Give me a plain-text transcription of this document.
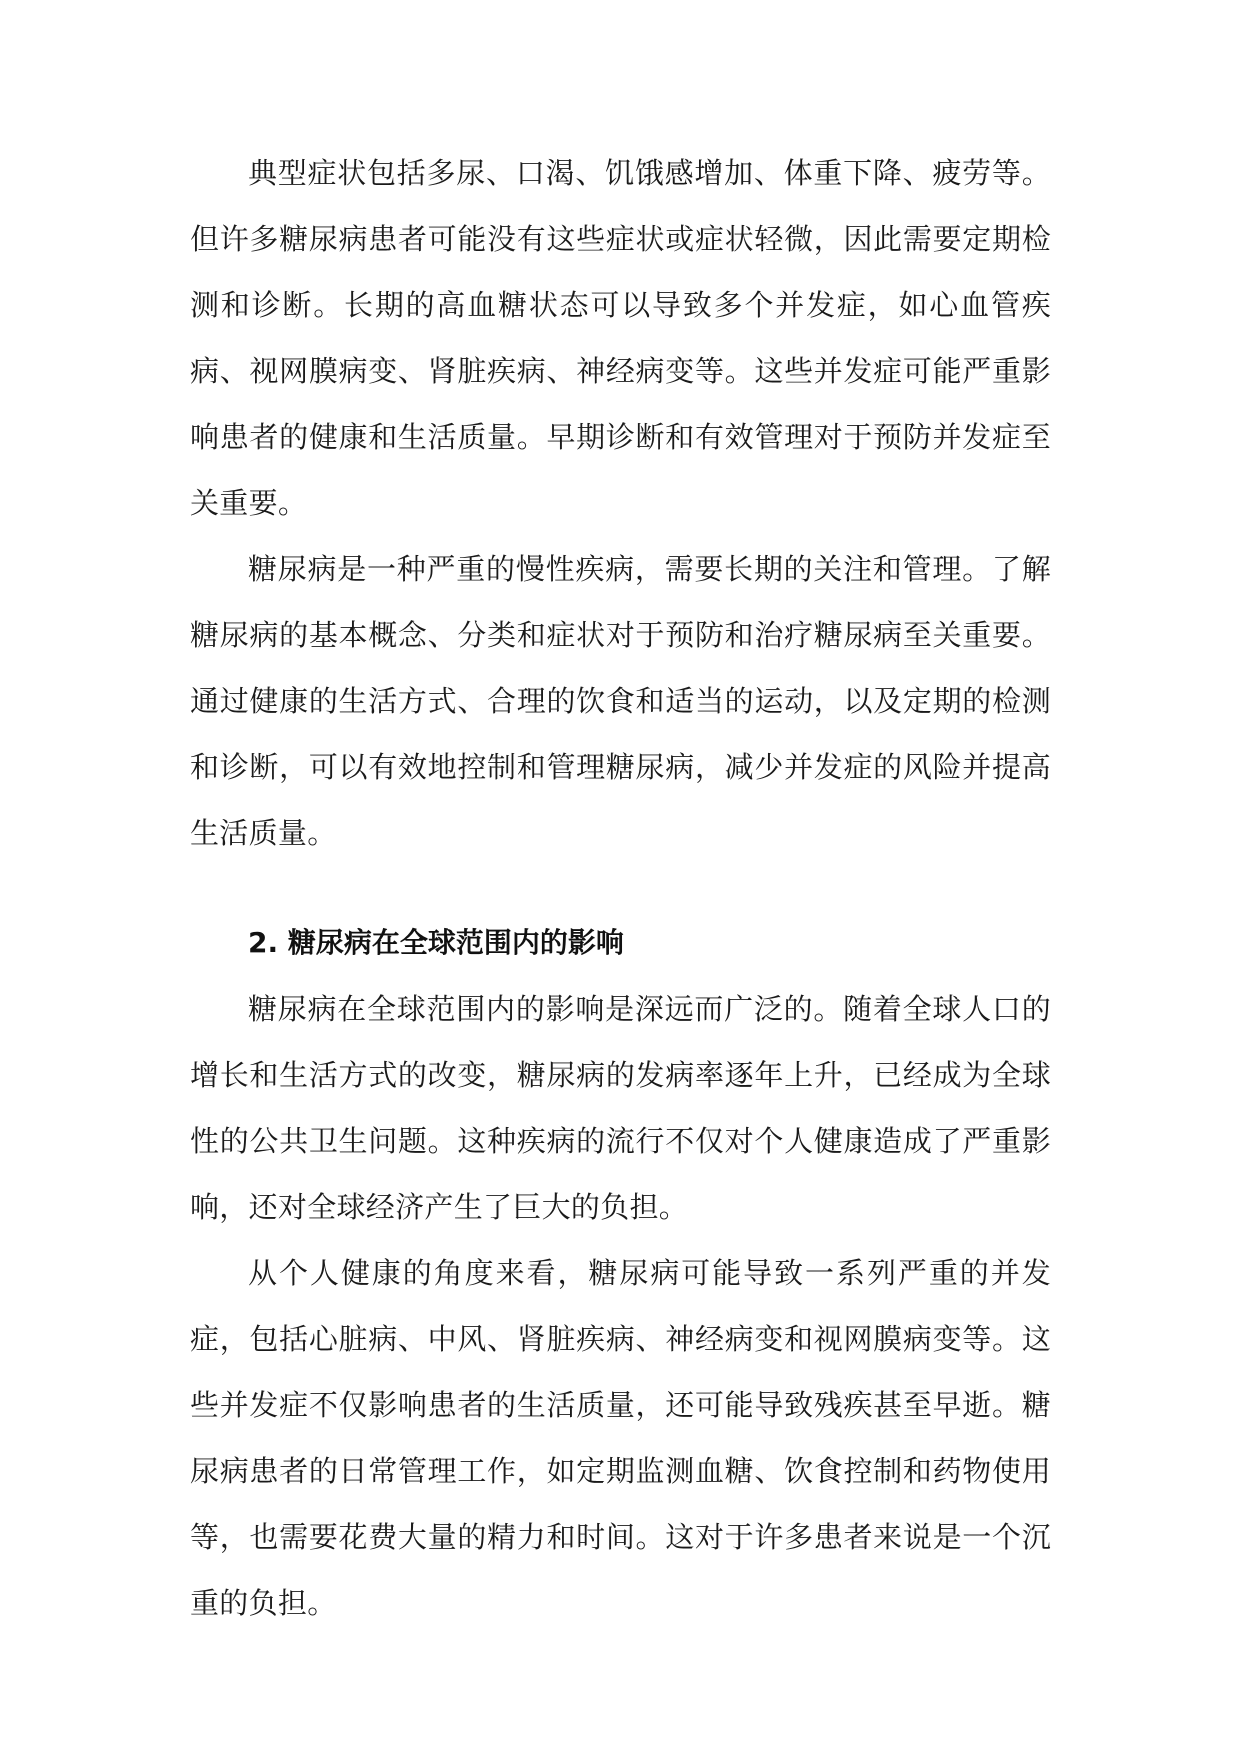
典型症状包括多尿、口渴、饥饿感增加、体重下降、疲劳等。但许多糖尿病患者可能没有这些症状或症状轻微，因此需要定期检测和诊断。长期的高血糖状态可以导致多个并发症，如心血管疾病、视网膜病变、肾脏疾病、神经病变等。这些并发症可能严重影响患者的健康和生活质量。早期诊断和有效管理对于预防并发症至关重要。

糖尿病是一种严重的慢性疾病，需要长期的关注和管理。了解糖尿病的基本概念、分类和症状对于预防和治疗糖尿病至关重要。通过健康的生活方式、合理的饮食和适当的运动，以及定期的检测和诊断，可以有效地控制和管理糖尿病，减少并发症的风险并提高生活质量。

2. 糖尿病在全球范围内的影响

糖尿病在全球范围内的影响是深远而广泛的。随着全球人口的增长和生活方式的改变，糖尿病的发病率逐年上升，已经成为全球性的公共卫生问题。这种疾病的流行不仅对个人健康造成了严重影响，还对全球经济产生了巨大的负担。

从个人健康的角度来看，糖尿病可能导致一系列严重的并发症，包括心脏病、中风、肾脏疾病、神经病变和视网膜病变等。这些并发症不仅影响患者的生活质量，还可能导致残疾甚至早逝。糖尿病患者的日常管理工作，如定期监测血糖、饮食控制和药物使用等，也需要花费大量的精力和时间。这对于许多患者来说是一个沉重的负担。
